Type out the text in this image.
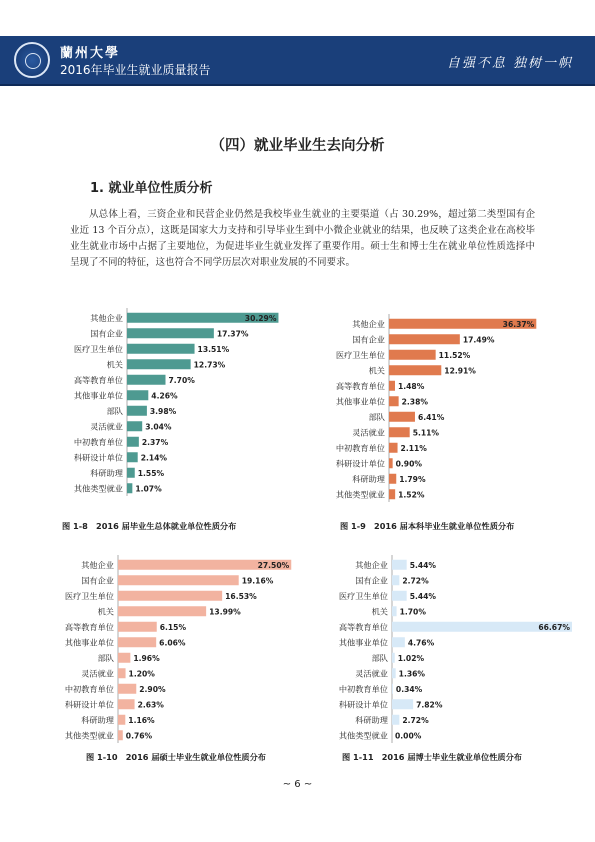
蘭州大學
2016年毕业生就业质量报告	自强不息 独树一帜
（四）就业毕业生去向分析
1. 就业单位性质分析
从总体上看，三资企业和民营企业仍然是我校毕业生就业的主要渠道（占 30.29%，超过第二类型国有企业近 13 个百分点），这既是国家大力支持和引导毕业生到中小微企业就业的结果，也反映了这类企业在高校毕业生就业市场中占据了主要地位，为促进毕业生就业发挥了重要作用。硕士生和博士生在就业单位性质选择中呈现了不同的特征，这也符合不同学历层次对职业发展的不同要求。
其他企业	30.29%
国有企业	17.37%
医疗卫生单位	13.51%
机关	12.73%
高等教育单位	7.70%
其他事业单位	4.26%
部队	3.98%
灵活就业	3.04%
中初教育单位 2.37%
科研设计单位 2.14%
科研助理 1.55%
其他类型就业 1.07%
其他企业	36.37%
国有企业	17.49%
医疗卫生单位	11.52%
机关	12.91%
高等教育单位 1.48%
其他事业单位 2.38%
部队	6.41%
灵活就业	5.11%
中初教育单位 2.11%
科研设计单位 0.90%
科研助理 1.79%
其他类型就业 1.52%
其他企业	27.50%
国有企业	19.16%
医疗卫生单位	16.53%
机关	13.99%
高等教育单位	6.15%
其他事业单位	6.06%
部队	1.96%
灵活就业 1.20%
中初教育单位	2.90%
科研设计单位	2.63%
科研助理 1.16%
其他类型就业 0.76%
其他企业	5.44%
国有企业 2.72%
医疗卫生单位	5.44%
机关 1.70%
高等教育单位	66.67%
其他事业单位	4.76%
部队 1.02%
灵活就业 1.36%
中初教育单位 0.34%
科研设计单位	7.82%
科研助理 2.72%
其他类型就业 0.00%
图 1-8　2016 届毕业生总体就业单位性质分布	图 1-9　2016 届本科毕业生就业单位性质分布
图 1-10　2016 届硕士毕业生就业单位性质分布	图 1-11　2016 届博士毕业生就业单位性质分布
~ 6 ~
